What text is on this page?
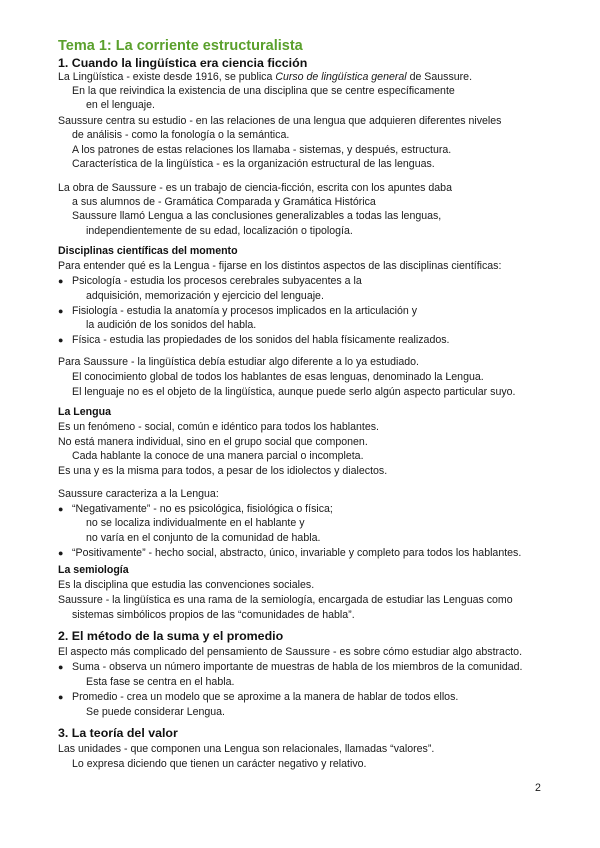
Tema 1: La corriente estructuralista
1. Cuando la lingüística era ciencia ficción
La Lingüística - existe desde 1916, se publica Curso de lingüística general de Saussure.
En la que reivindica la existencia de una disciplina que se centre específicamente
en el lenguaje.
Saussure centra su estudio - en las relaciones de una lengua que adquieren diferentes niveles
de análisis - como la fonología o la semántica.
A los patrones de estas relaciones los llamaba - sistemas, y después, estructura.
Característica de la lingüística - es la organización estructural de las lenguas.
La obra de Saussure - es un trabajo de ciencia-ficción, escrita con los apuntes daba
a sus alumnos de - Gramática Comparada y Gramática Histórica
Saussure llamó Lengua a las conclusiones generalizables a todas las lenguas,
independientemente de su edad, localización o tipología.
Disciplinas científicas del momento
Para entender qué es la Lengua - fijarse en los distintos aspectos de las disciplinas científicas:
● Psicología - estudia los procesos cerebrales subyacentes a la
adquisición, memorización y ejercicio del lenguaje.
● Fisiología - estudia la anatomía y procesos implicados en la articulación y
la audición de los sonidos del habla.
● Física - estudia las propiedades de los sonidos del habla físicamente realizados.
Para Saussure - la lingüística debía estudiar algo diferente a lo ya estudiado.
El conocimiento global de todos los hablantes de esas lenguas, denominado la Lengua.
El lenguaje no es el objeto de la lingüística, aunque puede serlo algún aspecto particular suyo.
La Lengua
Es un fenómeno - social, común e idéntico para todos los hablantes.
No está manera individual, sino en el grupo social que componen.
Cada hablante la conoce de una manera parcial o incompleta.
Es una y es la misma para todos, a pesar de los idiolectos y dialectos.
Saussure caracteriza a la Lengua:
● “Negativamente” - no es psicológica, fisiológica o física;
no se localiza individualmente en el hablante y
no varía en el conjunto de la comunidad de habla.
● “Positivamente” - hecho social, abstracto, único, invariable y completo para todos los hablantes.
La semiología
Es la disciplina que estudia las convenciones sociales.
Saussure - la lingüística es una rama de la semiología, encargada de estudiar las Lenguas como
sistemas simbólicos propios de las “comunidades de habla”.
2. El método de la suma y el promedio
El aspecto más complicado del pensamiento de Saussure - es sobre cómo estudiar algo abstracto.
● Suma - observa un número importante de muestras de habla de los miembros de la comunidad.
Esta fase se centra en el habla.
● Promedio - crea un modelo que se aproxime a la manera de hablar de todos ellos.
Se puede considerar Lengua.
3. La teoría del valor
Las unidades - que componen una Lengua son relacionales, llamadas “valores”.
Lo expresa diciendo que tienen un carácter negativo y relativo.
2
